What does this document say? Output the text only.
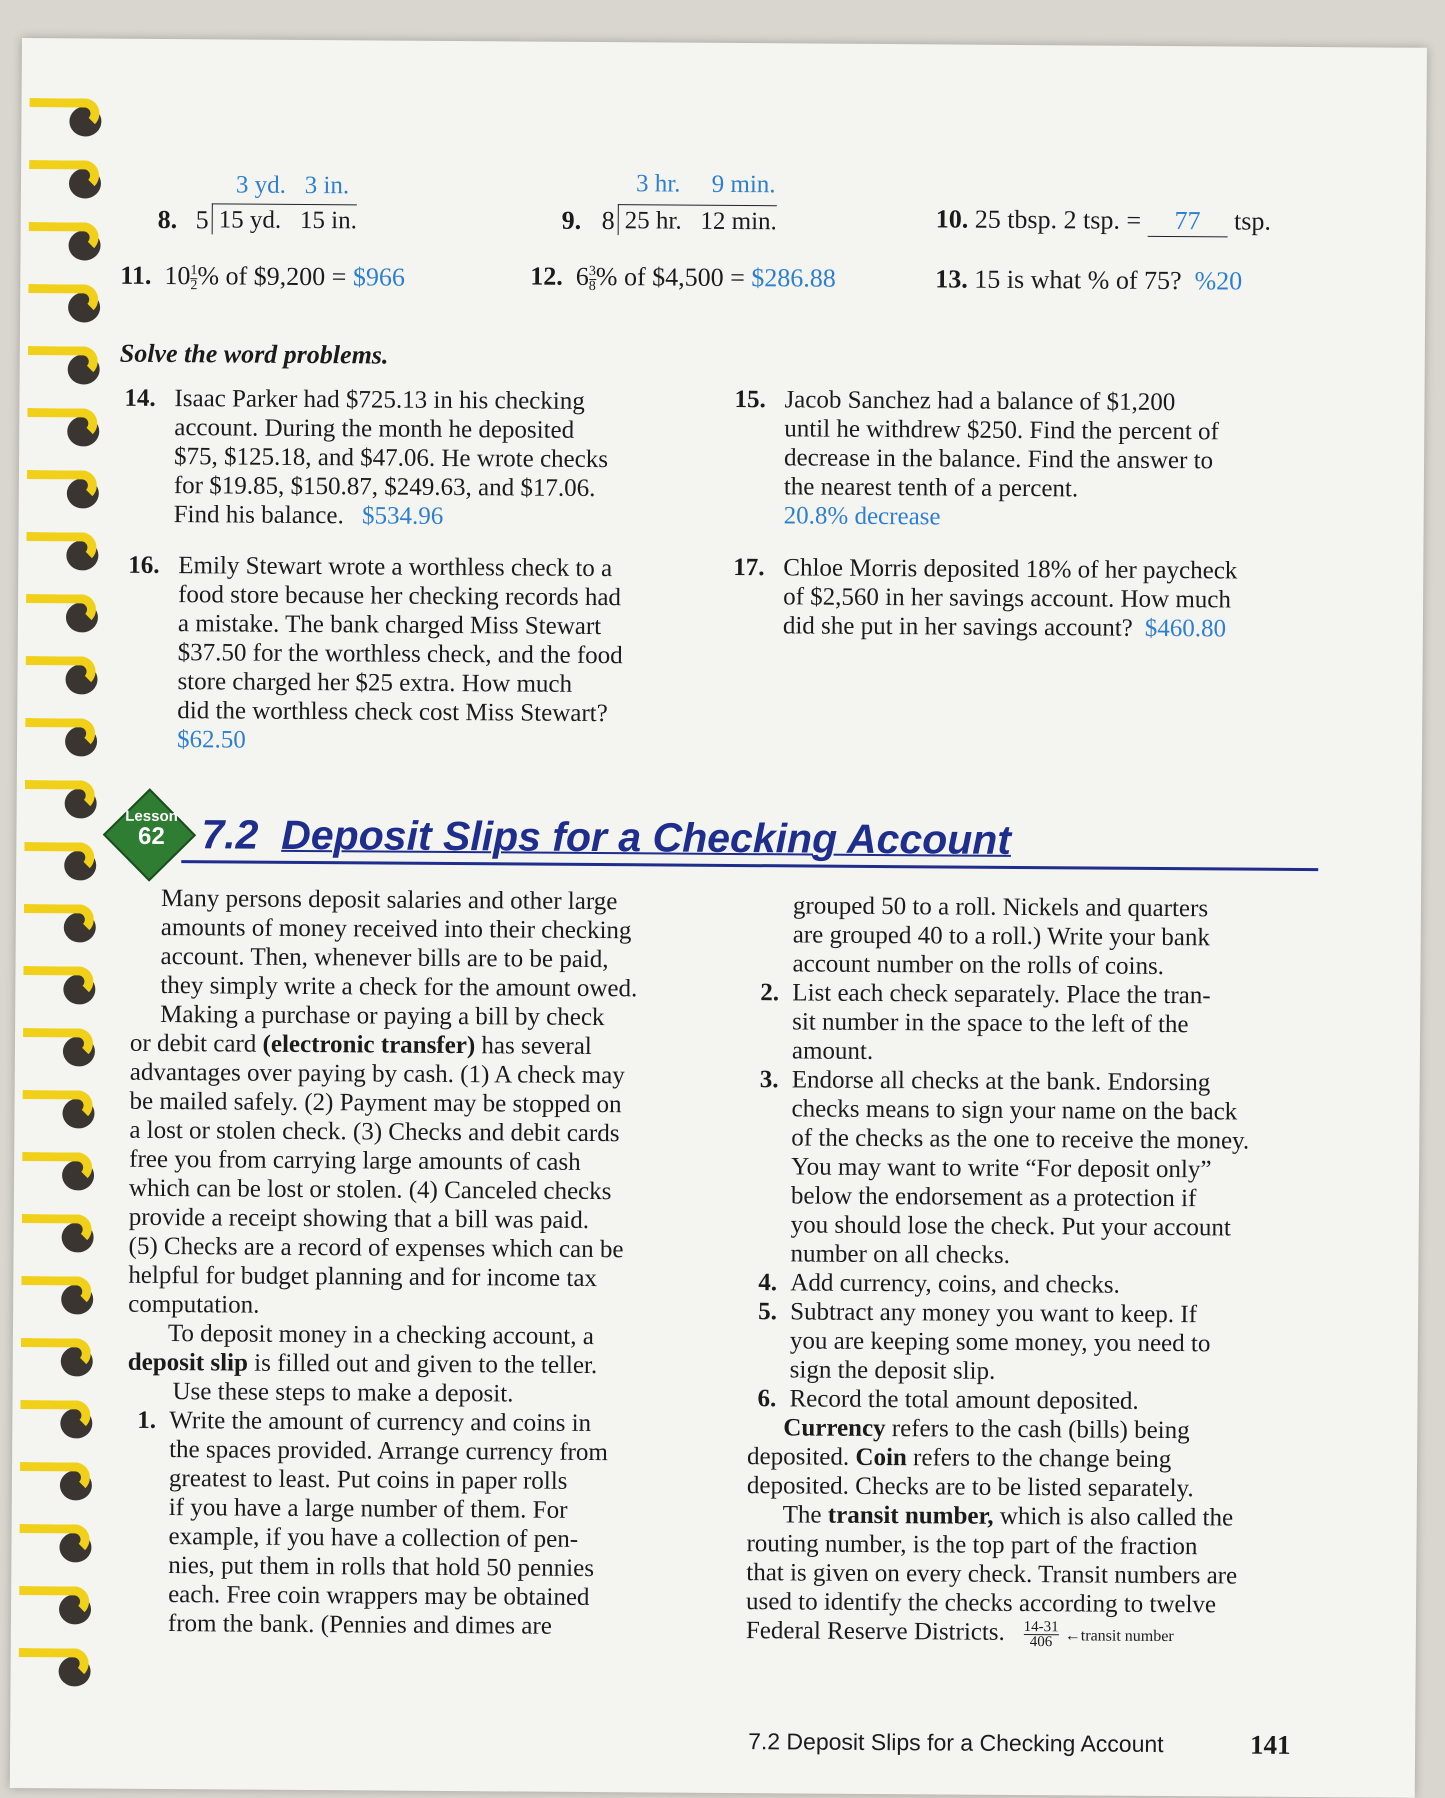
3 yd. 3 in.
8. 5 15 yd. 15 in.
3 hr. 9 min.
9. 8 25 hr. 12 min.	10. 25 tbsp. 2 tsp. = 77 tsp.
11. $10 \frac{1}{2}$ % of $9,200 = $966	12. $6 \frac{3}{8}$ % of $4,500 = $286.88	13. 15 is what % of 75? %20
Solve the word problems.
14. Isaac Parker had $725.13 in his checking
account. During the month he deposited
$75, $125.18, and $47.06. He wrote checks
for $19.85, $150.87, $249.63, and $17.06.
Find his balance. $534.96
15. Jacob Sanchez had a balance of $1,200
until he withdrew $250. Find the percent of
decrease in the balance. Find the answer to
the nearest tenth of a percent.
20.8% decrease
16. Emily Stewart wrote a worthless check to a
food store because her checking records had
a mistake. The bank charged Miss Stewart
$37.50 for the worthless check, and the food
store charged her $25 extra. How much
did the worthless check cost Miss Stewart?
$62.50
17. Chloe Morris deposited 18% of her paycheck
of $2,560 in her savings account. How much
did she put in her savings account? $460.80
Lesson
62 7.2 Deposit Slips for a Checking Account
Many persons deposit salaries and other large
amounts of money received into their checking
account. Then, whenever bills are to be paid,
they simply write a check for the amount owed.
Making a purchase or paying a bill by check
or debit card (electronic transfer) has several
advantages over paying by cash. (1) A check may
be mailed safely. (2) Payment may be stopped on
a lost or stolen check. (3) Checks and debit cards
free you from carrying large amounts of cash
which can be lost or stolen. (4) Canceled checks
provide a receipt showing that a bill was paid.
(5) Checks are a record of expenses which can be
helpful for budget planning and for income tax
computation.
To deposit money in a checking account, a
deposit slip is filled out and given to the teller.
Use these steps to make a deposit.
1. Write the amount of currency and coins in
the spaces provided. Arrange currency from
greatest to least. Put coins in paper rolls
if you have a large number of them. For
example, if you have a collection of pen-
nies, put them in rolls that hold 50 pennies
each. Free coin wrappers may be obtained
from the bank. (Pennies and dimes are
grouped 50 to a roll. Nickels and quarters
are grouped 40 to a roll.) Write your bank
account number on the rolls of coins.
2. List each check separately. Place the tran-
sit number in the space to the left of the
amount.
3. Endorse all checks at the bank. Endorsing
checks means to sign your name on the back
of the checks as the one to receive the money.
You may want to write “For deposit only”
below the endorsement as a protection if
you should lose the check. Put your account
number on all checks.
4. Add currency, coins, and checks.
5. Subtract any money you want to keep. If
you are keeping some money, you need to
sign the deposit slip.
6. Record the total amount deposited.
Currency refers to the cash (bills) being
deposited. Coin refers to the change being
deposited. Checks are to be listed separately.
The transit number, which is also called the
routing number, is the top part of the fraction
that is given on every check. Transit numbers are
used to identify the checks according to twelve
Federal Reserve Districts. $\frac{14-31}{406}$ ←transit number
7.2 Deposit Slips for a Checking Account	141
